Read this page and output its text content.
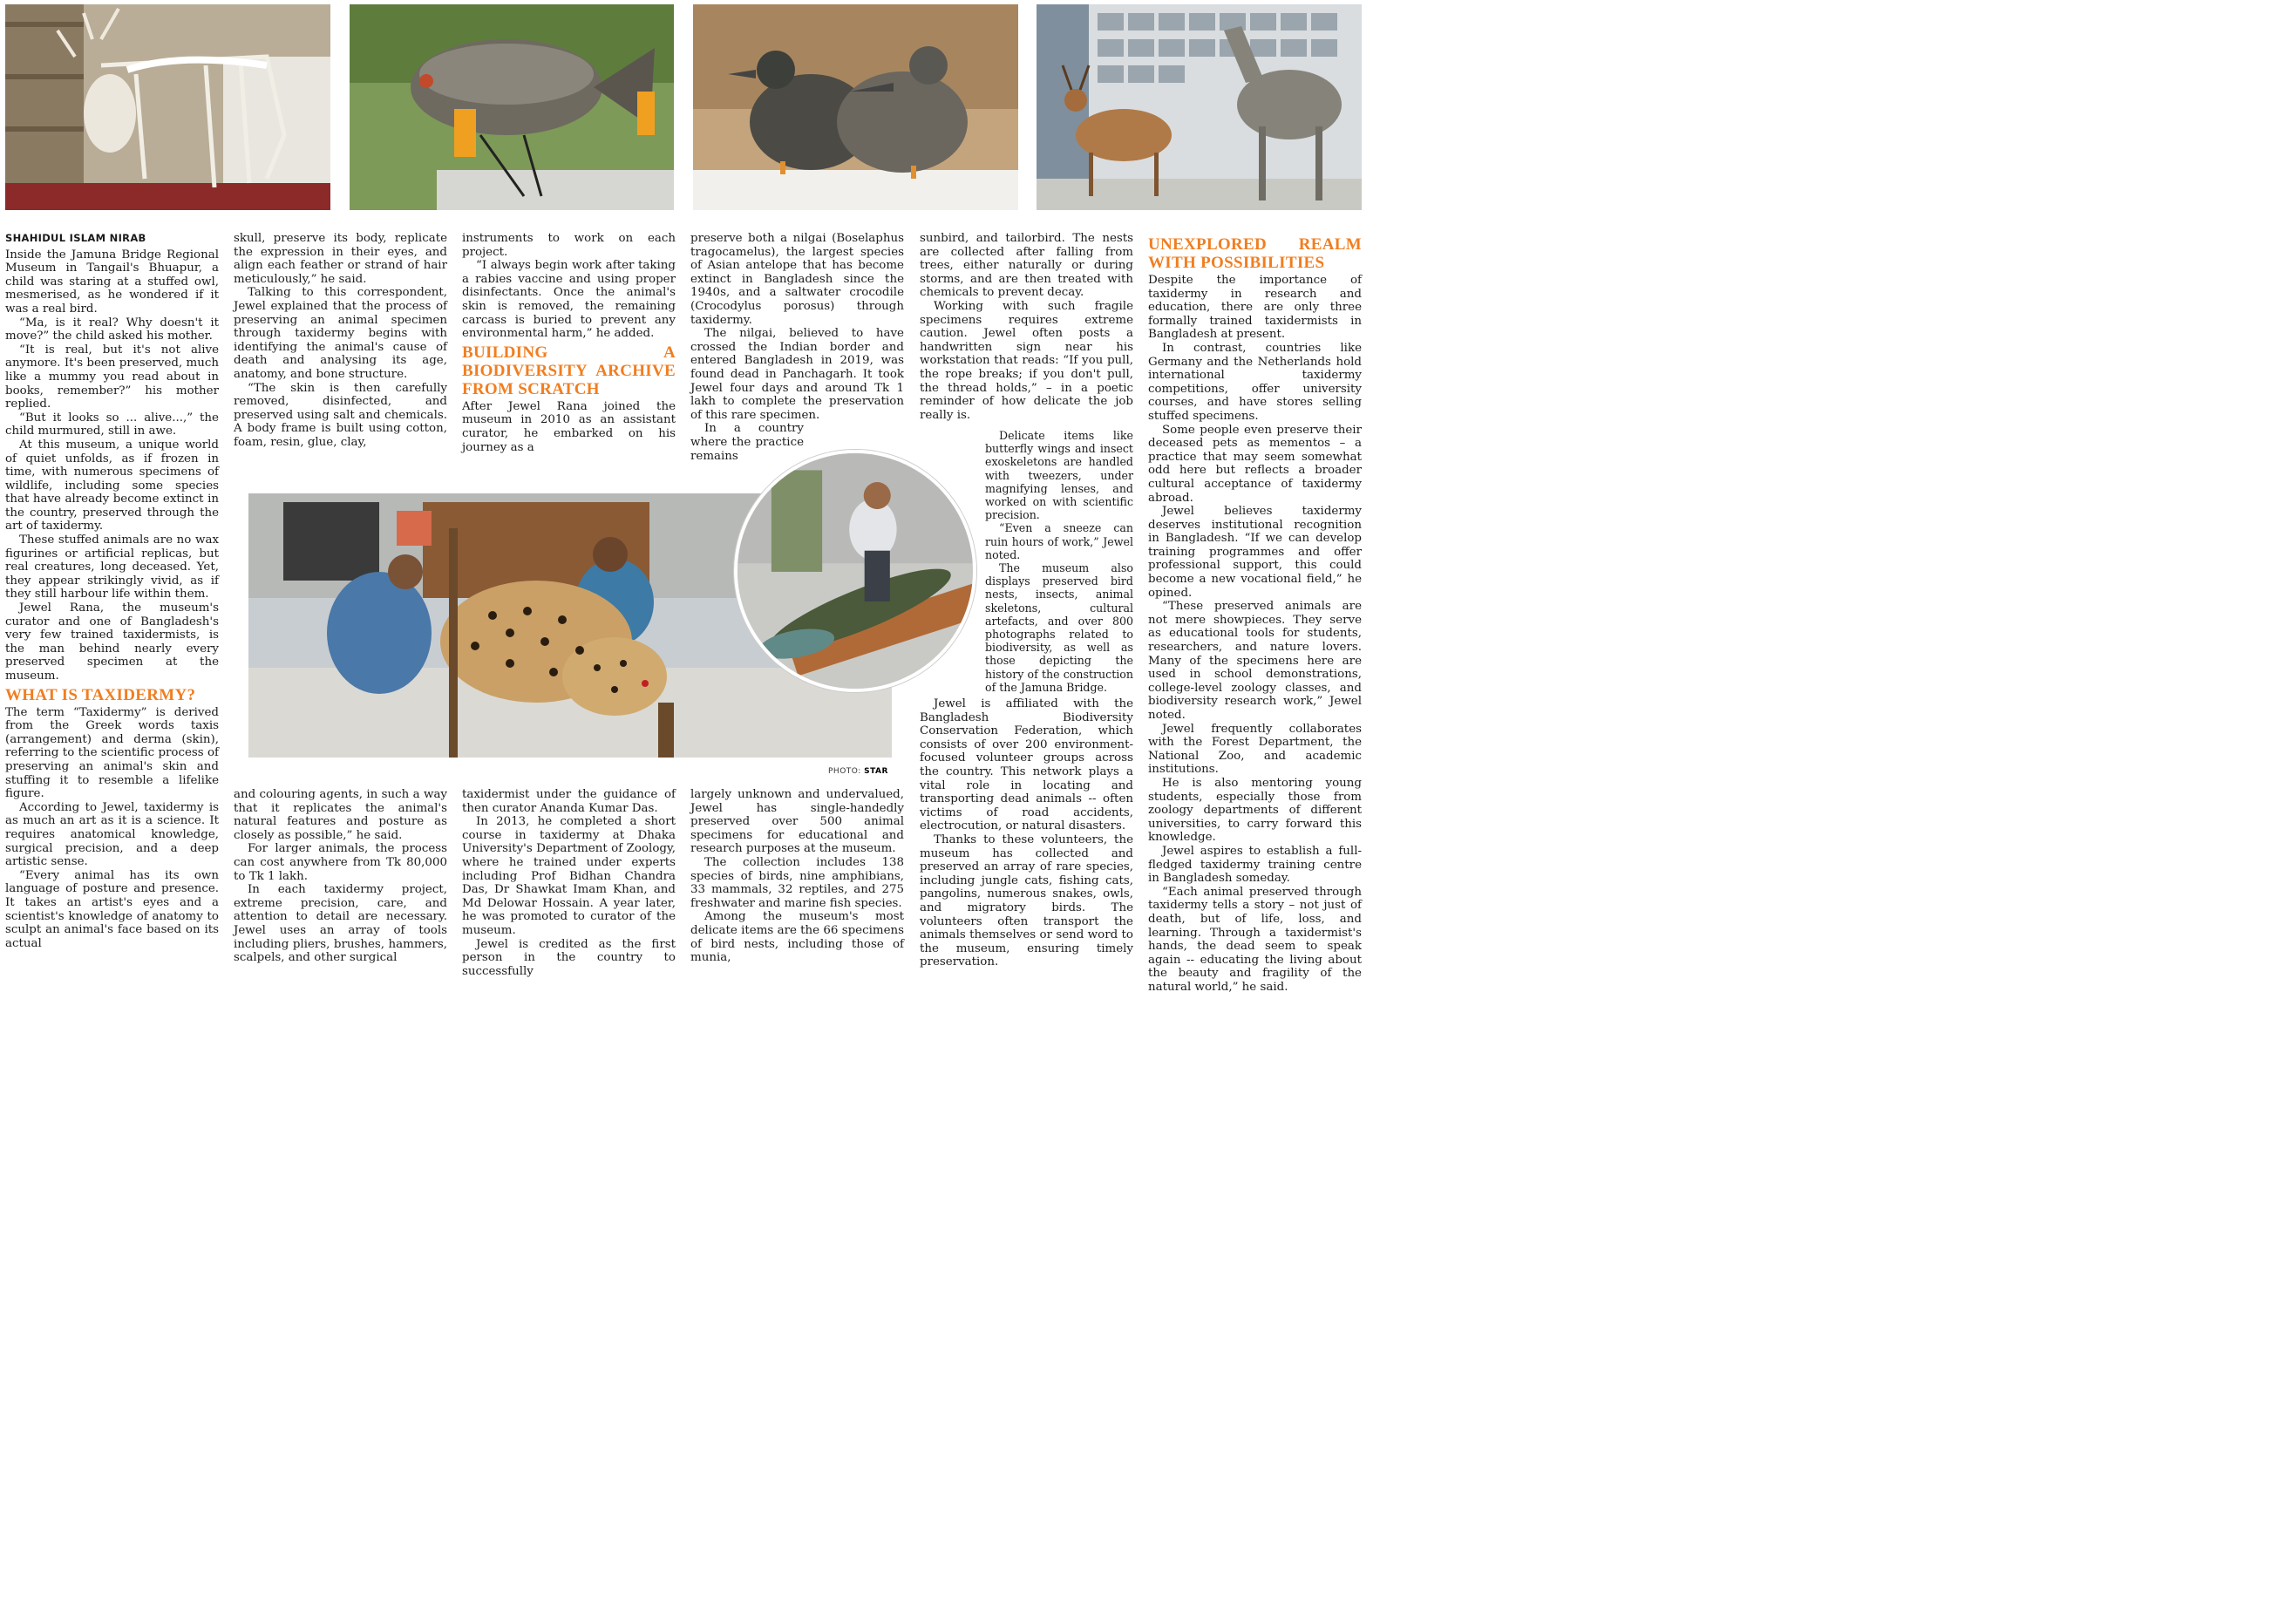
SHAHIDUL ISLAM NIRAB

Inside the Jamuna Bridge Regional Museum in Tangail's Bhuapur, a child was staring at a stuffed owl, mesmerised, as he wondered if it was a real bird.

“Ma, is it real? Why doesn't it move?” the child asked his mother.

“It is real, but it's not alive anymore. It's been preserved, much like a mummy you read about in books, remember?” his mother replied.

“But it looks so ... alive...,” the child murmured, still in awe.

At this museum, a unique world of quiet unfolds, as if frozen in time, with numerous specimens of wildlife, including some species that have already become extinct in the country, preserved through the art of taxidermy.

These stuffed animals are no wax figurines or artificial replicas, but real creatures, long deceased. Yet, they appear strikingly vivid, as if they still harbour life within them.

Jewel Rana, the museum's curator and one of Bangladesh's very few trained taxidermists, is the man behind nearly every preserved specimen at the museum.

WHAT IS TAXIDERMY?

The term “Taxidermy” is derived from the Greek words taxis (arrangement) and derma (skin), referring to the scientific process of preserving an animal's skin and stuffing it to resemble a lifelike figure.

According to Jewel, taxidermy is as much an art as it is a science. It requires anatomical knowledge, surgical precision, and a deep artistic sense.

“Every animal has its own language of posture and presence. It takes an artist's eyes and a scientist's knowledge of anatomy to sculpt an animal's face based on its actual

skull, preserve its body, replicate the expression in their eyes, and align each feather or strand of hair meticulously,” he said.

Talking to this correspondent, Jewel explained that the process of preserving an animal specimen through taxidermy begins with identifying the animal's cause of death and analysing its age, anatomy, and bone structure.

“The skin is then carefully removed, disinfected, and preserved using salt and chemicals. A body frame is built using cotton, foam, resin, glue, clay,

instruments to work on each project.

“I always begin work after taking a rabies vaccine and using proper disinfectants. Once the animal's skin is removed, the remaining carcass is buried to prevent any environmental harm,” he added.

BUILDING A BIODIVERSITY ARCHIVE FROM SCRATCH

After Jewel Rana joined the museum in 2010 as an assistant curator, he embarked on his journey as a

preserve both a nilgai (Boselaphus tragocamelus), the largest species of Asian antelope that has become extinct in Bangladesh since the 1940s, and a saltwater crocodile (Crocodylus porosus) through taxidermy.

The nilgai, believed to have crossed the Indian border and entered Bangladesh in 2019, was found dead in Panchagarh. It took Jewel four days and around Tk 1 lakh to complete the preservation of this rare specimen.

In a country where the practice remains

sunbird, and tailorbird. The nests are collected after falling from trees, either naturally or during storms, and are then treated with chemicals to prevent decay.

Working with such fragile specimens requires extreme caution. Jewel often posts a handwritten sign near his workstation that reads: “If you pull, the rope breaks; if you don't pull, the thread holds,” – in a poetic reminder of how delicate the job really is.

Delicate items like butterfly wings and insect exoskeletons are handled with tweezers, under magnifying lenses, and worked on with scientific precision.

“Even a sneeze can ruin hours of work,” Jewel noted.

The museum also displays preserved bird nests, insects, animal skeletons, cultural artefacts, and over 800 photographs related to biodiversity, as well as those depicting the history of the construction of the Jamuna Bridge.

UNEXPLORED REALM WITH POSSIBILITIES

Despite the importance of taxidermy in research and education, there are only three formally trained taxidermists in Bangladesh at present.

In contrast, countries like Germany and the Netherlands hold international taxidermy competitions, offer university courses, and have stores selling stuffed specimens.

Some people even preserve their deceased pets as mementos – a practice that may seem somewhat odd here but reflects a broader cultural acceptance of taxidermy abroad.

Jewel believes taxidermy deserves institutional recognition in Bangladesh. “If we can develop training programmes and offer professional support, this could become a new vocational field,” he opined.

“These preserved animals are not mere showpieces. They serve as educational tools for students, researchers, and nature lovers. Many of the specimens here are used in school demonstrations, college-level zoology classes, and biodiversity research work,” Jewel noted.

Jewel frequently collaborates with the Forest Department, the National Zoo, and academic institutions.

He is also mentoring young students, especially those from zoology departments of different universities, to carry forward this knowledge.

Jewel aspires to establish a full-fledged taxidermy training centre in Bangladesh someday.

“Each animal preserved through taxidermy tells a story – not just of death, but of life, loss, and learning. Through a taxidermist's hands, the dead seem to speak again -- educating the living about the beauty and fragility of the natural world,” he said.

PHOTO: STAR

and colouring agents, in such a way that it replicates the animal's natural features and posture as closely as possible,” he said.

For larger animals, the process can cost anywhere from Tk 80,000 to Tk 1 lakh.

In each taxidermy project, extreme precision, care, and attention to detail are necessary. Jewel uses an array of tools including pliers, brushes, hammers, scalpels, and other surgical

taxidermist under the guidance of then curator Ananda Kumar Das.

In 2013, he completed a short course in taxidermy at Dhaka University's Department of Zoology, where he trained under experts including Prof Bidhan Chandra Das, Dr Shawkat Imam Khan, and Md Delowar Hossain. A year later, he was promoted to curator of the museum.

Jewel is credited as the first person in the country to successfully

largely unknown and undervalued, Jewel has single-handedly preserved over 500 animal specimens for educational and research purposes at the museum.

The collection includes 138 species of birds, nine amphibians, 33 mammals, 32 reptiles, and 275 freshwater and marine fish species.

Among the museum's most delicate items are the 66 specimens of bird nests, including those of munia,

Jewel is affiliated with the Bangladesh Biodiversity Conservation Federation, which consists of over 200 environment-focused volunteer groups across the country. This network plays a vital role in locating and transporting dead animals -- often victims of road accidents, electrocution, or natural disasters.

Thanks to these volunteers, the museum has collected and preserved an array of rare species, including jungle cats, fishing cats, pangolins, numerous snakes, owls, and migratory birds. The volunteers often transport the animals themselves or send word to the museum, ensuring timely preservation.
